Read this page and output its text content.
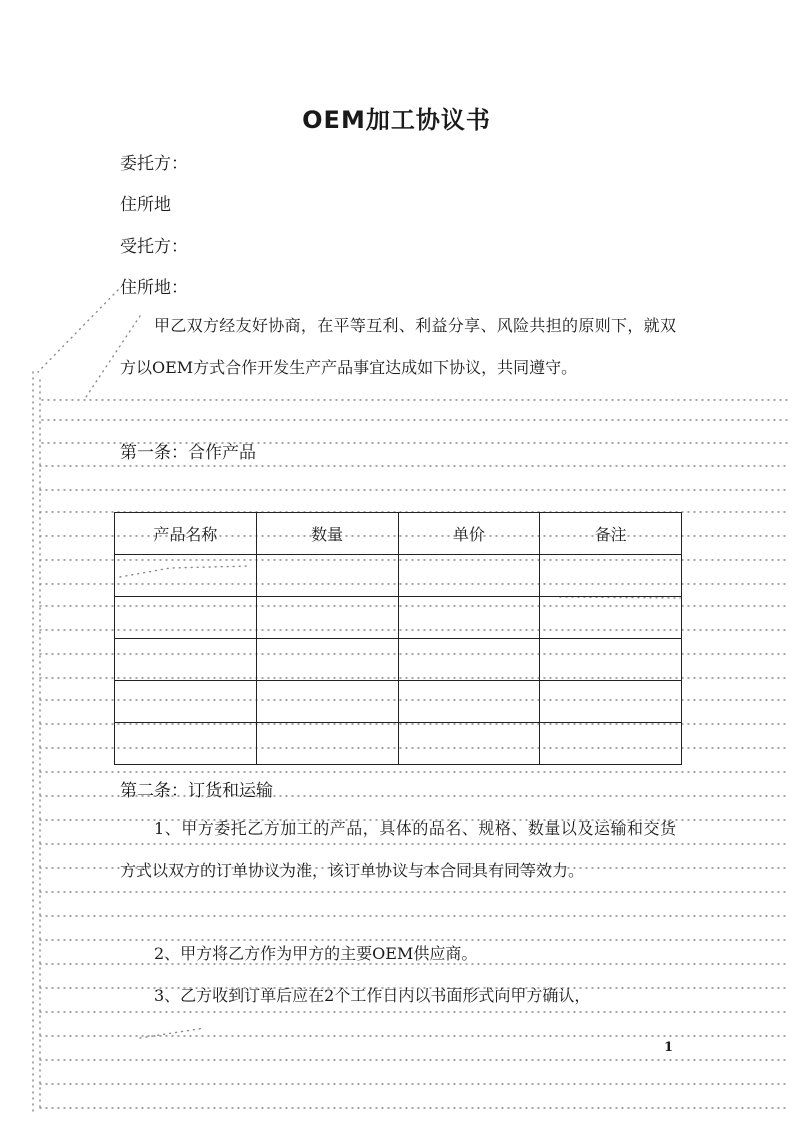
OEM加工协议书
委托方：
住所地
受托方：
住所地：
甲乙双方经友好协商，在平等互利、利益分享、风险共担的原则下，就双方以OEM方式合作开发生产产品事宜达成如下协议，共同遵守。
第一条：合作产品
产品名称	数量	单价	备注

第二条：订货和运输
1、甲方委托乙方加工的产品，具体的品名、规格、数量以及运输和交货方式以双方的订单协议为准，该订单协议与本合同具有同等效力。
2、甲方将乙方作为甲方的主要OEM供应商。
3、乙方收到订单后应在2个工作日内以书面形式向甲方确认，
1
